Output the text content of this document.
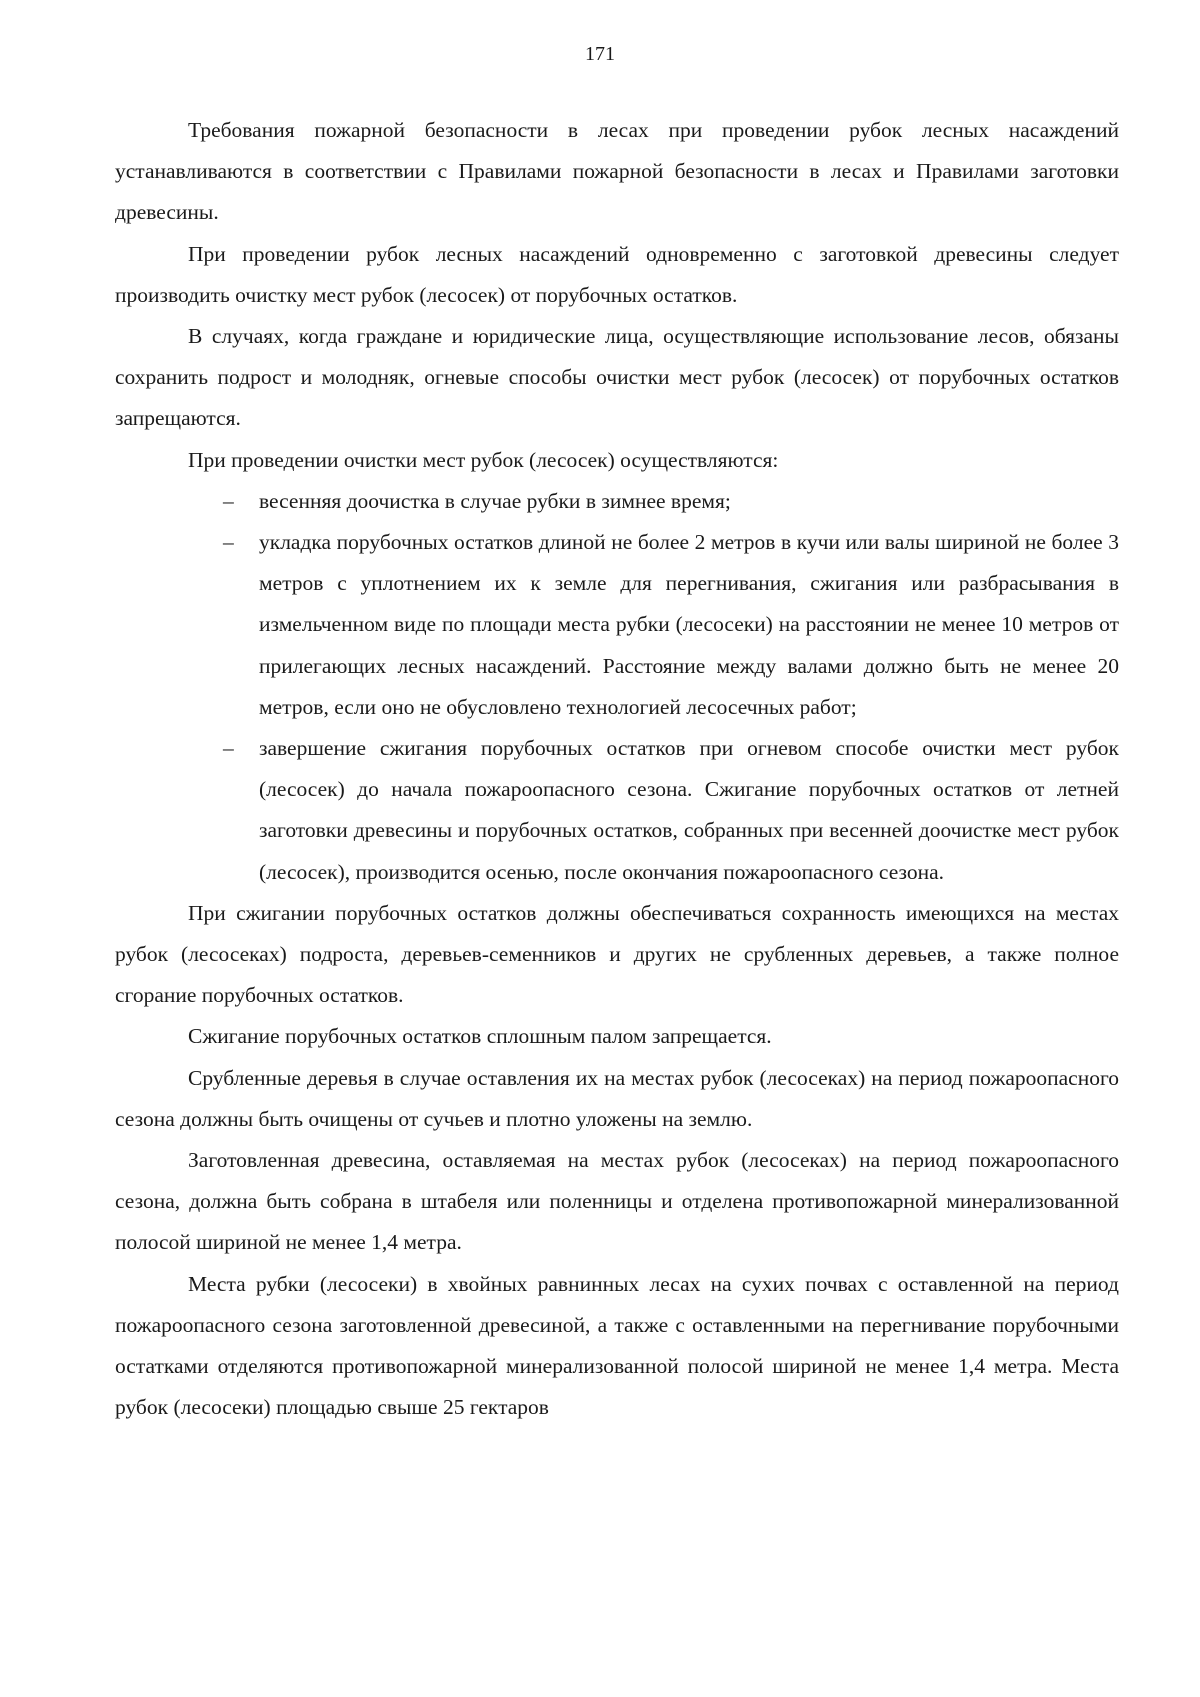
171

Требования пожарной безопасности в лесах при проведении рубок лесных насаждений устанавливаются в соответствии с Правилами пожарной безопасности в лесах и Правилами заготовки древесины.

При проведении рубок лесных насаждений одновременно с заготовкой древесины следует производить очистку мест рубок (лесосек) от порубочных остатков.

В случаях, когда граждане и юридические лица, осуществляющие использование лесов, обязаны сохранить подрост и молодняк, огневые способы очистки мест рубок (лесосек) от порубочных остатков запрещаются.

При проведении очистки мест рубок (лесосек) осуществляются:

– весенняя доочистка в случае рубки в зимнее время;
– укладка порубочных остатков длиной не более 2 метров в кучи или валы шириной не более 3 метров с уплотнением их к земле для перегнивания, сжигания или разбрасывания в измельченном виде по площади места рубки (лесосеки) на расстоянии не менее 10 метров от прилегающих лесных насаждений. Расстояние между валами должно быть не менее 20 метров, если оно не обусловлено технологией лесосечных работ;
– завершение сжигания порубочных остатков при огневом способе очистки мест рубок (лесосек) до начала пожароопасного сезона. Сжигание порубочных остатков от летней заготовки древесины и порубочных остатков, собранных при весенней доочистке мест рубок (лесосек), производится осенью, после окончания пожароопасного сезона.

При сжигании порубочных остатков должны обеспечиваться сохранность имеющихся на местах рубок (лесосеках) подроста, деревьев-семенников и других не срубленных деревьев, а также полное сгорание порубочных остатков.

Сжигание порубочных остатков сплошным палом запрещается.

Срубленные деревья в случае оставления их на местах рубок (лесосеках) на период пожароопасного сезона должны быть очищены от сучьев и плотно уложены на землю.

Заготовленная древесина, оставляемая на местах рубок (лесосеках) на период пожароопасного сезона, должна быть собрана в штабеля или поленницы и отделена противопожарной минерализованной полосой шириной не менее 1,4 метра.

Места рубки (лесосеки) в хвойных равнинных лесах на сухих почвах с оставленной на период пожароопасного сезона заготовленной древесиной, а также с оставленными на перегнивание порубочными остатками отделяются противопожарной минерализованной полосой шириной не менее 1,4 метра. Места рубок (лесосеки) площадью свыше 25 гектаров
